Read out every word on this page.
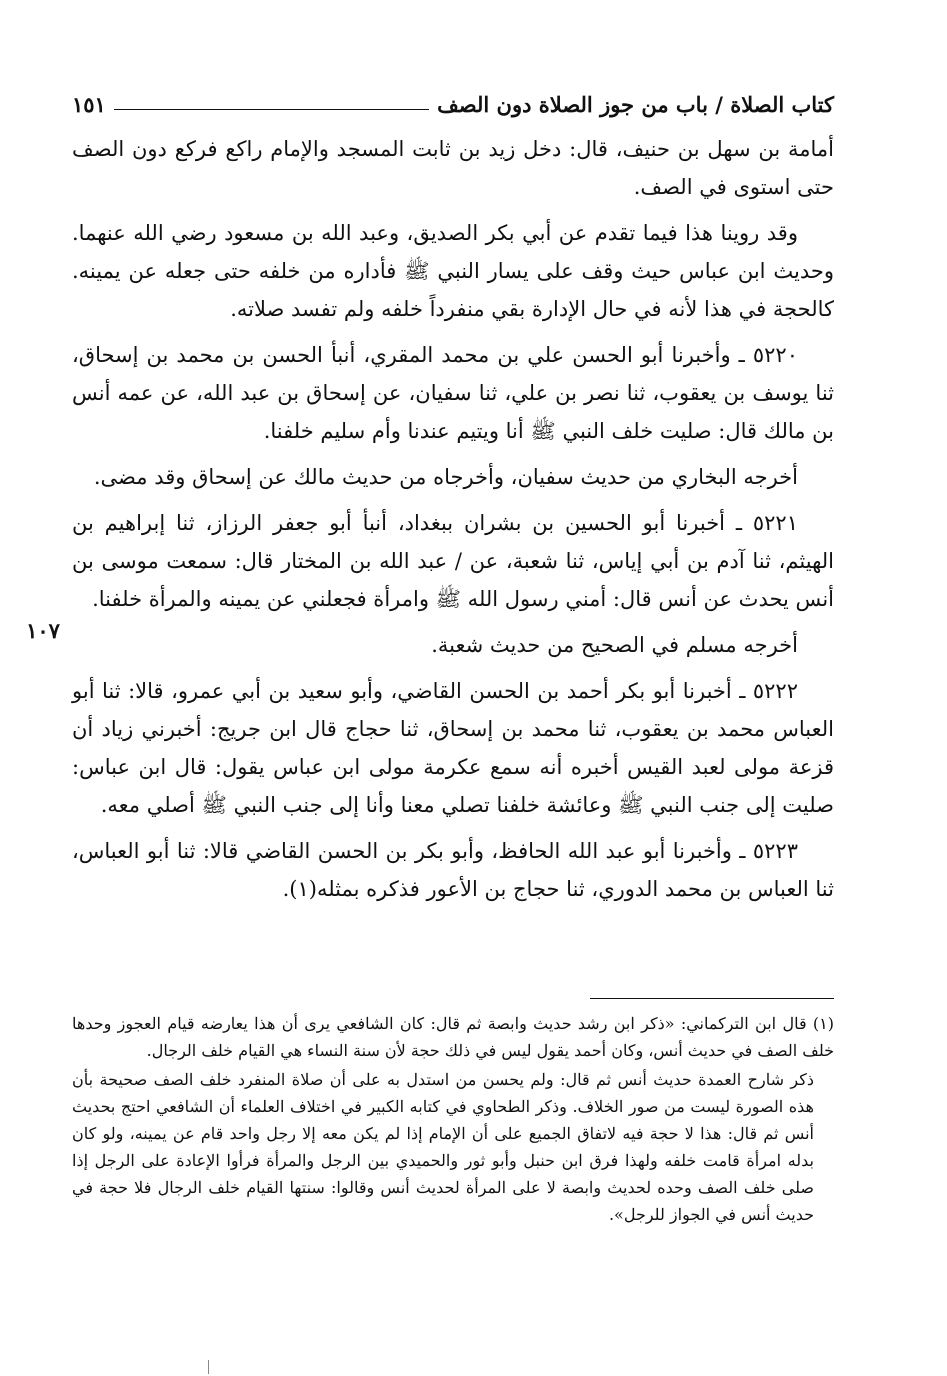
كتاب الصلاة / باب من جوز الصلاة دون الصف
١٥١
١٠٧

أمامة بن سهل بن حنيف، قال: دخل زيد بن ثابت المسجد والإمام راكع فركع دون الصف حتى استوى في الصف.

وقد روينا هذا فيما تقدم عن أبي بكر الصديق، وعبد الله بن مسعود رضي الله عنهما. وحديث ابن عباس حيث وقف على يسار النبي ﷺ فأداره من خلفه حتى جعله عن يمينه. كالحجة في هذا لأنه في حال الإدارة بقي منفرداً خلفه ولم تفسد صلاته.

٥٢٢٠ ـ وأخبرنا أبو الحسن علي بن محمد المقري، أنبأ الحسن بن محمد بن إسحاق، ثنا يوسف بن يعقوب، ثنا نصر بن علي، ثنا سفيان، عن إسحاق بن عبد الله، عن عمه أنس بن مالك قال: صليت خلف النبي ﷺ أنا ويتيم عندنا وأم سليم خلفنا.

أخرجه البخاري من حديث سفيان، وأخرجاه من حديث مالك عن إسحاق وقد مضى.

٥٢٢١ ـ أخبرنا أبو الحسين بن بشران ببغداد، أنبأ أبو جعفر الرزاز، ثنا إبراهيم بن الهيثم، ثنا آدم بن أبي إياس، ثنا شعبة، عن / عبد الله بن المختار قال: سمعت موسى بن أنس يحدث عن أنس قال: أمني رسول الله ﷺ وامرأة فجعلني عن يمينه والمرأة خلفنا.

أخرجه مسلم في الصحيح من حديث شعبة.

٥٢٢٢ ـ أخبرنا أبو بكر أحمد بن الحسن القاضي، وأبو سعيد بن أبي عمرو، قالا: ثنا أبو العباس محمد بن يعقوب، ثنا محمد بن إسحاق، ثنا حجاج قال ابن جريج: أخبرني زياد أن قزعة مولى لعبد القيس أخبره أنه سمع عكرمة مولى ابن عباس يقول: قال ابن عباس: صليت إلى جنب النبي ﷺ وعائشة خلفنا تصلي معنا وأنا إلى جنب النبي ﷺ أصلي معه.

٥٢٢٣ ـ وأخبرنا أبو عبد الله الحافظ، وأبو بكر بن الحسن القاضي قالا: ثنا أبو العباس، ثنا العباس بن محمد الدوري، ثنا حجاج بن الأعور فذكره بمثله(١).

(١) قال ابن التركماني: «ذكر ابن رشد حديث وابصة ثم قال: كان الشافعي يرى أن هذا يعارضه قيام العجوز وحدها خلف الصف في حديث أنس، وكان أحمد يقول ليس في ذلك حجة لأن سنة النساء هي القيام خلف الرجال.

ذكر شارح العمدة حديث أنس ثم قال: ولم يحسن من استدل به على أن صلاة المنفرد خلف الصف صحيحة بأن هذه الصورة ليست من صور الخلاف. وذكر الطحاوي في كتابه الكبير في اختلاف العلماء أن الشافعي احتج بحديث أنس ثم قال: هذا لا حجة فيه لاتفاق الجميع على أن الإمام إذا لم يكن معه إلا رجل واحد قام عن يمينه، ولو كان بدله امرأة قامت خلفه ولهذا فرق ابن حنبل وأبو ثور والحميدي بين الرجل والمرأة فرأوا الإعادة على الرجل إذا صلى خلف الصف وحده لحديث وابصة لا على المرأة لحديث أنس وقالوا: سنتها القيام خلف الرجال فلا حجة في حديث أنس في الجواز للرجل».
